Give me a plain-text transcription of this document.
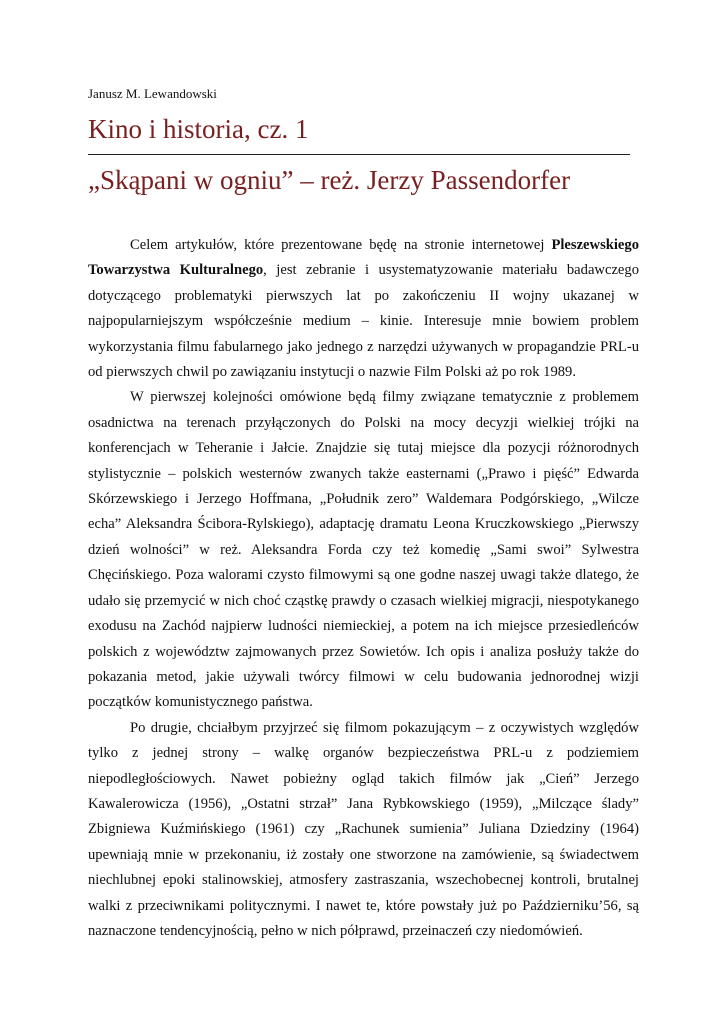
Janusz M. Lewandowski
Kino i historia, cz. 1
„Skąpani w ogniu” – reż. Jerzy Passendorfer

Celem artykułów, które prezentowane będę na stronie internetowej Pleszewskiego Towarzystwa Kulturalnego, jest zebranie i usystematyzowanie materiału badawczego dotyczącego problematyki pierwszych lat po zakończeniu II wojny ukazanej w najpopularniejszym współcześnie medium – kinie. Interesuje mnie bowiem problem wykorzystania filmu fabularnego jako jednego z narzędzi używanych w propagandzie PRL-u od pierwszych chwil po zawiązaniu instytucji o nazwie Film Polski aż po rok 1989.

W pierwszej kolejności omówione będą filmy związane tematycznie z problemem osadnictwa na terenach przyłączonych do Polski na mocy decyzji wielkiej trójki na konferencjach w Teheranie i Jałcie. Znajdzie się tutaj miejsce dla pozycji różnorodnych stylistycznie – polskich westernów zwanych także easternami („Prawo i pięść” Edwarda Skórzewskiego i Jerzego Hoffmana, „Południk zero” Waldemara Podgórskiego, „Wilcze echa” Aleksandra Ścibora-Rylskiego), adaptację dramatu Leona Kruczkowskiego „Pierwszy dzień wolności” w reż. Aleksandra Forda czy też komedię „Sami swoi” Sylwestra Chęcińskiego. Poza walorami czysto filmowymi są one godne naszej uwagi także dlatego, że udało się przemycić w nich choć cząstkę prawdy o czasach wielkiej migracji, niespotykanego exodusu na Zachód najpierw ludności niemieckiej, a potem na ich miejsce przesiedleńców polskich z województw zajmowanych przez Sowietów. Ich opis i analiza posłuży także do pokazania metod, jakie używali twórcy filmowi w celu budowania jednorodnej wizji początków komunistycznego państwa.

Po drugie, chciałbym przyjrzeć się filmom pokazującym – z oczywistych względów tylko z jednej strony – walkę organów bezpieczeństwa PRL-u z podziemiem niepodległościowych. Nawet pobieżny ogląd takich filmów jak „Cień” Jerzego Kawalerowicza (1956), „Ostatni strzał” Jana Rybkowskiego (1959), „Milczące ślady” Zbigniewa Kuźmińskiego (1961) czy „Rachunek sumienia” Juliana Dziedziny (1964) upewniają mnie w przekonaniu, iż zostały one stworzone na zamówienie, są świadectwem niechlubnej epoki stalinowskiej, atmosfery zastraszania, wszechobecnej kontroli, brutalnej walki z przeciwnikami politycznymi. I nawet te, które powstały już po Październiku’56, są naznaczone tendencyjnością, pełno w nich półprawd, przeinaczeń czy niedomówień.
